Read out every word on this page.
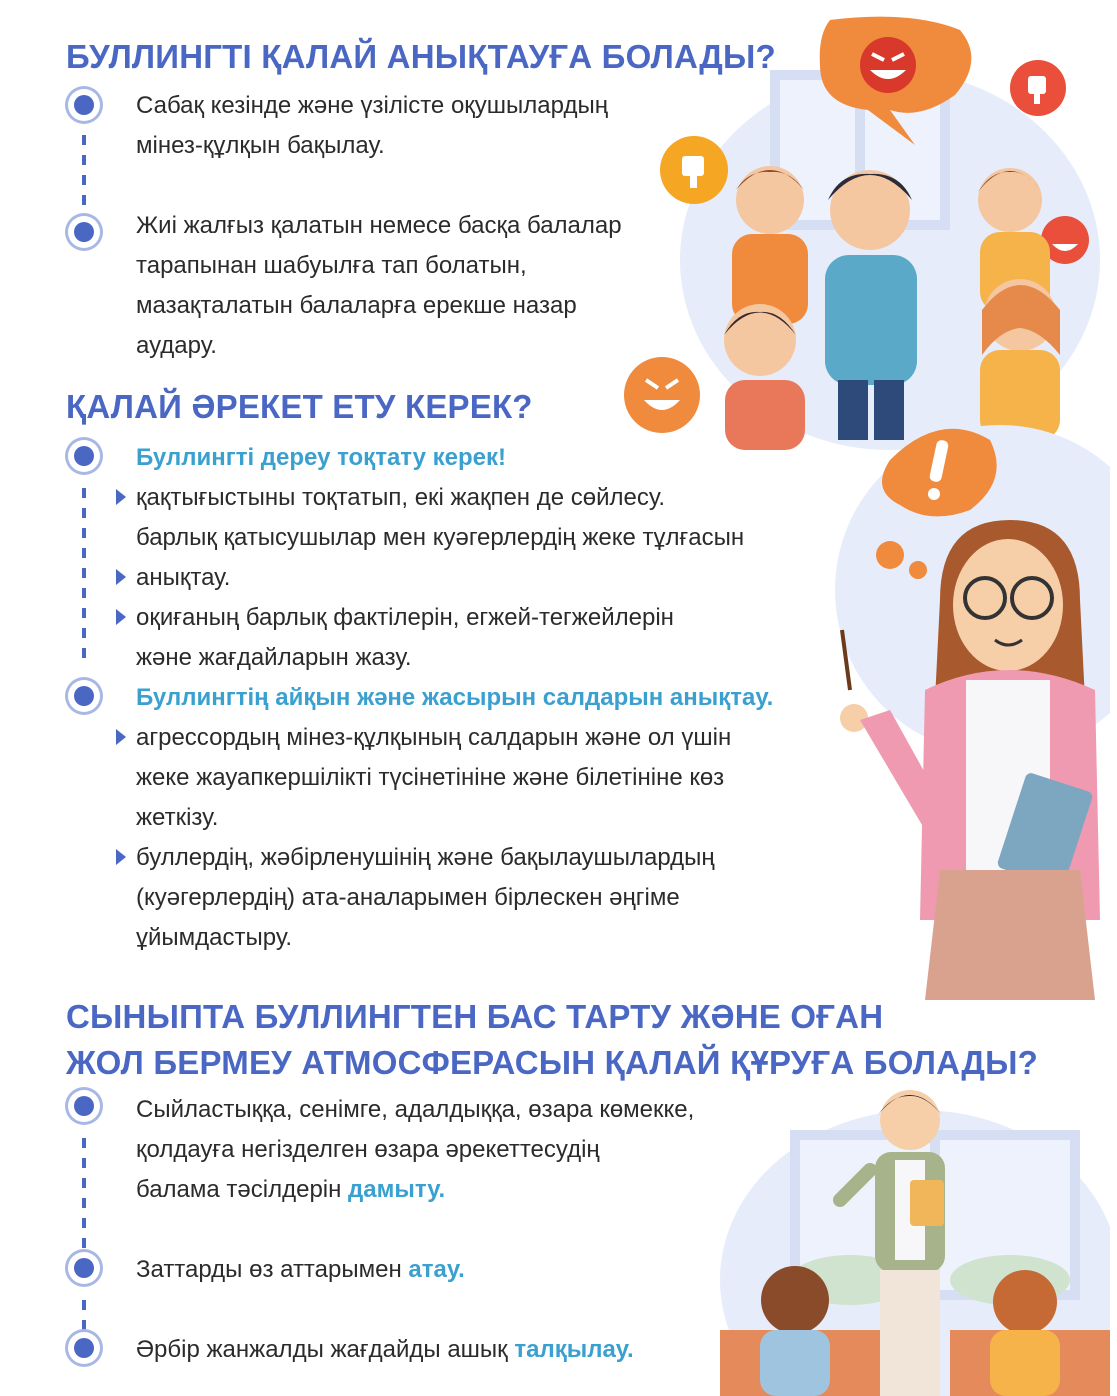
БУЛЛИНГТІ ҚАЛАЙ АНЫҚТАУҒА БОЛАДЫ?
Сабақ кезінде және үзілісте оқушылардың
мінез-құлқын бақылау.
Жиі жалғыз қалатын немесе басқа балалар
тарапынан шабуылға тап болатын,
мазақталатын балаларға ерекше назар
аудару.
ҚАЛАЙ ӘРЕКЕТ ЕТУ КЕРЕК?
Буллингті дереу тоқтату керек!
қақтығыстыны тоқтатып, екі жақпен де сөйлесу.
барлық қатысушылар мен куәгерлердің жеке тұлғасын
анықтау.
оқиғаның барлық фактілерін, егжей-тегжейлерін
және жағдайларын жазу.
Буллингтің айқын және жасырын салдарын анықтау.
агрессордың мінез-құлқының салдарын және ол үшін
жеке жауапкершілікті түсінетініне және білетініне көз
жеткізу.
буллердің, жәбірленушінің және бақылаушылардың
(куәгерлердің) ата-аналарымен бірлескен әңгіме
ұйымдастыру.
СЫНЫПТА БУЛЛИНГТЕН БАС ТАРТУ ЖӘНЕ ОҒАН
ЖОЛ БЕРМЕУ АТМОСФЕРАСЫН ҚАЛАЙ ҚҰРУҒА БОЛАДЫ?
Сыйластыққа, сенімге, адалдыққа, өзара көмекке,
қолдауға негізделген өзара әрекеттесудің
балама тәсілдерін дамыту.
Заттарды өз аттарымен атау.
Әрбір жанжалды жағдайды ашық талқылау.
